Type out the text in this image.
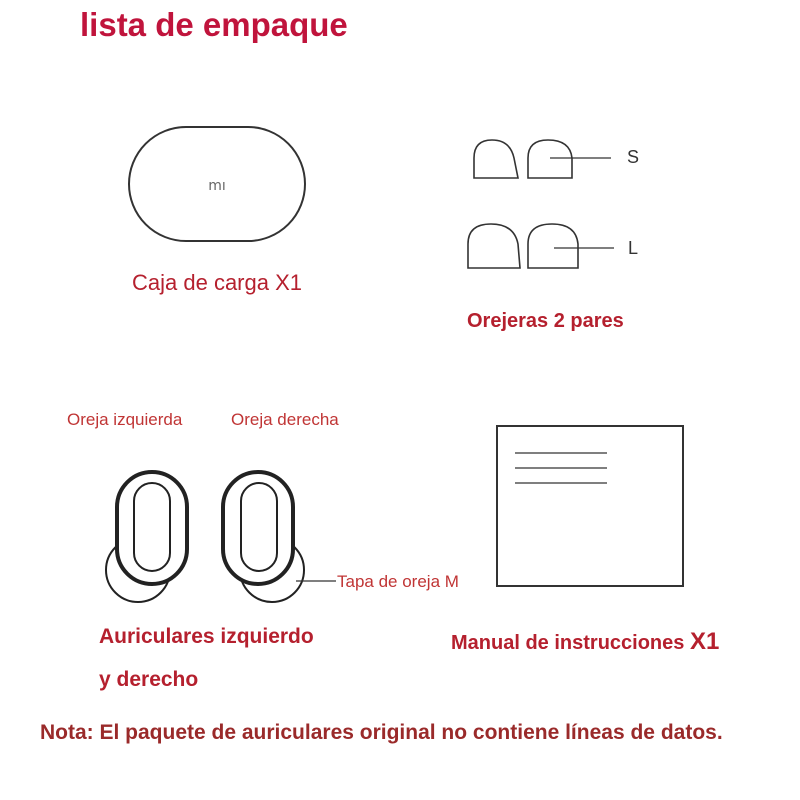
lista de empaque
mı
Caja de carga X1
S
L
Orejeras 2 pares
Oreja izquierda	Oreja derecha
Tapa de oreja M
Auriculares izquierdo
y derecho
Manual de instrucciones X1
Nota: El paquete de auriculares original no contiene líneas de datos.
